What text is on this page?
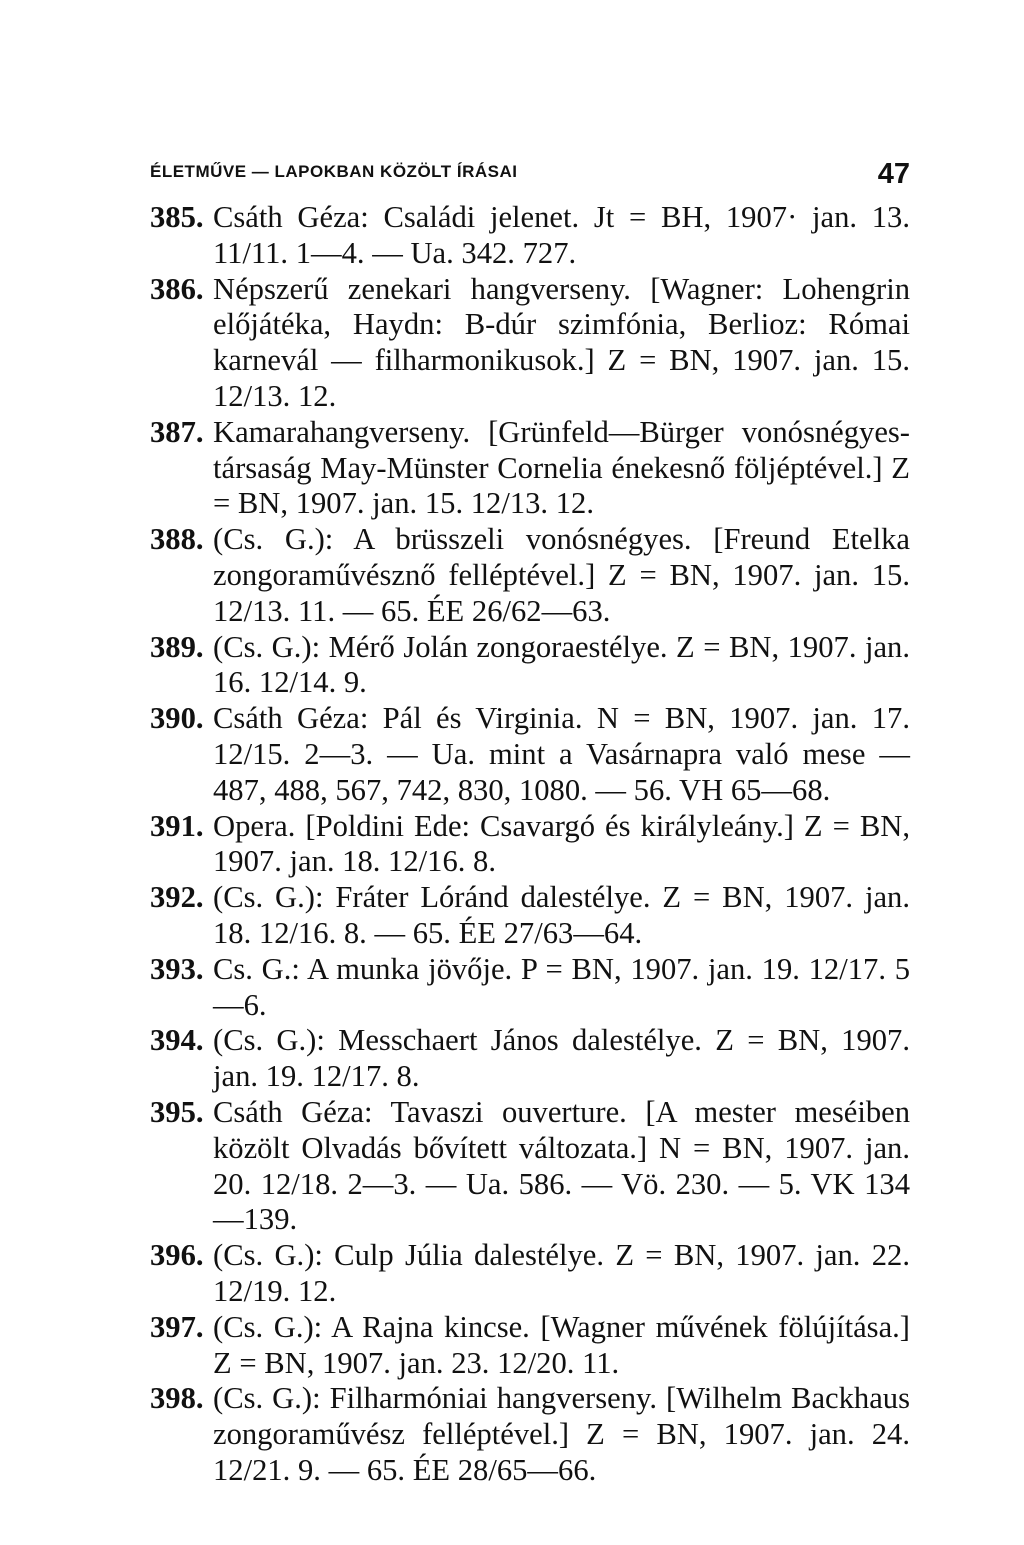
ÉLETMŰVE — LAPOKBAN KÖZÖLT ÍRÁSAI	47
385. Csáth Géza: Családi jelenet. Jt = BH, 1907· jan. 13. 11/11. 1—4. — Ua. 342. 727.
386. Népszerű zenekari hangverseny. [Wagner: Lohengrin előjátéka, Haydn: B-dúr szimfónia, Berlioz: Római karnevál — filharmonikusok.] Z = BN, 1907. jan. 15. 12/13. 12.
387. Kamarahangverseny. [Grünfeld—Bürger vonósnégyes-társaság May-Münster Cornelia énekesnő följéptével.] Z = BN, 1907. jan. 15. 12/13. 12.
388. (Cs. G.): A brüsszeli vonósnégyes. [Freund Etelka zongoraművésznő felléptével.] Z = BN, 1907. jan. 15. 12/13. 11. — 65. ÉE 26/62—63.
389. (Cs. G.): Mérő Jolán zongoraestélye. Z = BN, 1907. jan. 16. 12/14. 9.
390. Csáth Géza: Pál és Virginia. N = BN, 1907. jan. 17. 12/15. 2—3. — Ua. mint a Vasárnapra való mese — 487, 488, 567, 742, 830, 1080. — 56. VH 65—68.
391. Opera. [Poldini Ede: Csavargó és királyleány.] Z = BN, 1907. jan. 18. 12/16. 8.
392. (Cs. G.): Fráter Lóránd dalestélye. Z = BN, 1907. jan. 18. 12/16. 8. — 65. ÉE 27/63—64.
393. Cs. G.: A munka jövője. P = BN, 1907. jan. 19. 12/17. 5—6.
394. (Cs. G.): Messchaert János dalestélye. Z = BN, 1907. jan. 19. 12/17. 8.
395. Csáth Géza: Tavaszi ouverture. [A mester meséiben közölt Olvadás bővített változata.] N = BN, 1907. jan. 20. 12/18. 2—3. — Ua. 586. — Vö. 230. — 5. VK 134—139.
396. (Cs. G.): Culp Júlia dalestélye. Z = BN, 1907. jan. 22. 12/19. 12.
397. (Cs. G.): A Rajna kincse. [Wagner művének fölújítása.] Z = BN, 1907. jan. 23. 12/20. 11.
398. (Cs. G.): Filharmóniai hangverseny. [Wilhelm Backhaus zongoraművész felléptével.] Z = BN, 1907. jan. 24. 12/21. 9. — 65. ÉE 28/65—66.
